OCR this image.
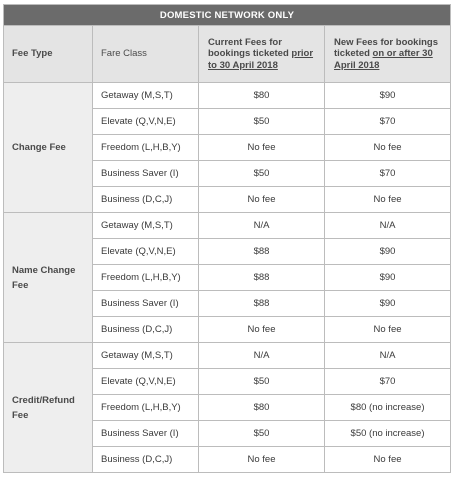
DOMESTIC NETWORK ONLY			
Fee Type	Fare Class	Current Fees for bookings ticketed prior to 30 April 2018	New Fees for bookings ticketed on or after 30 April 2018
Change Fee	Getaway (M,S,T)	$80	$90
	Elevate (Q,V,N,E)	$50	$70
	Freedom (L,H,B,Y)	No fee	No fee
	Business Saver (I)	$50	$70
	Business (D,C,J)	No fee	No fee
Name Change Fee	Getaway (M,S,T)	N/A	N/A
	Elevate (Q,V,N,E)	$88	$90
	Freedom (L,H,B,Y)	$88	$90
	Business Saver (I)	$88	$90
	Business (D,C,J)	No fee	No fee
Credit/Refund Fee	Getaway (M,S,T)	N/A	N/A
	Elevate (Q,V,N,E)	$50	$70
	Freedom (L,H,B,Y)	$80	$80 (no increase)
	Business Saver (I)	$50	$50 (no increase)
	Business (D,C,J)	No fee	No fee
